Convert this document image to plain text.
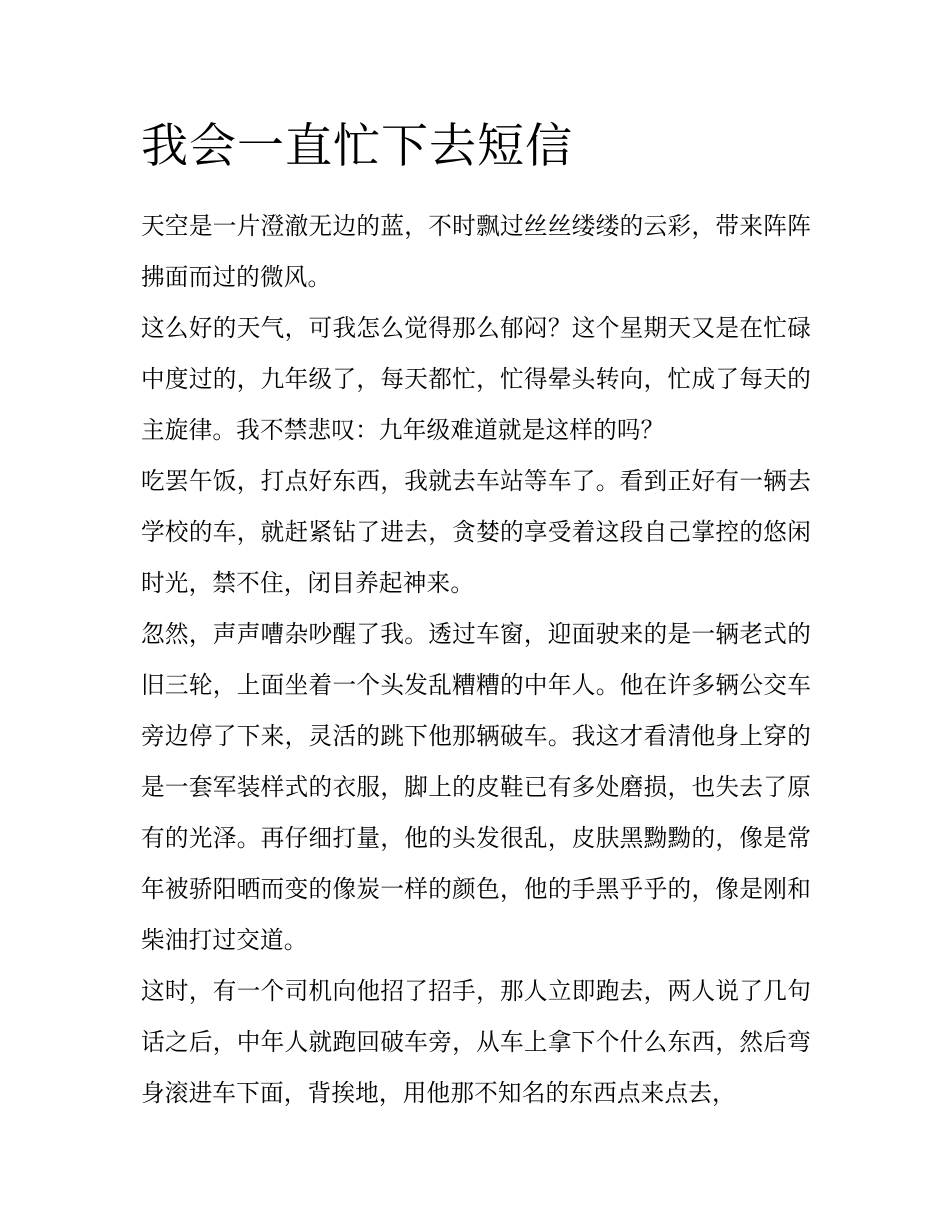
我会一直忙下去短信

天空是一片澄澈无边的蓝，不时飘过丝丝缕缕的云彩，带来阵阵拂面而过的微风。

这么好的天气，可我怎么觉得那么郁闷？这个星期天又是在忙碌中度过的，九年级了，每天都忙，忙得晕头转向，忙成了每天的主旋律。我不禁悲叹：九年级难道就是这样的吗？

吃罢午饭，打点好东西，我就去车站等车了。看到正好有一辆去学校的车，就赶紧钻了进去，贪婪的享受着这段自己掌控的悠闲时光，禁不住，闭目养起神来。

忽然，声声嘈杂吵醒了我。透过车窗，迎面驶来的是一辆老式的旧三轮，上面坐着一个头发乱糟糟的中年人。他在许多辆公交车旁边停了下来，灵活的跳下他那辆破车。我这才看清他身上穿的是一套军装样式的衣服，脚上的皮鞋已有多处磨损，也失去了原有的光泽。再仔细打量，他的头发很乱，皮肤黑黝黝的，像是常年被骄阳晒而变的像炭一样的颜色，他的手黑乎乎的，像是刚和柴油打过交道。

这时，有一个司机向他招了招手，那人立即跑去，两人说了几句话之后，中年人就跑回破车旁，从车上拿下个什么东西，然后弯身滚进车下面，背挨地，用他那不知名的东西点来点去，
